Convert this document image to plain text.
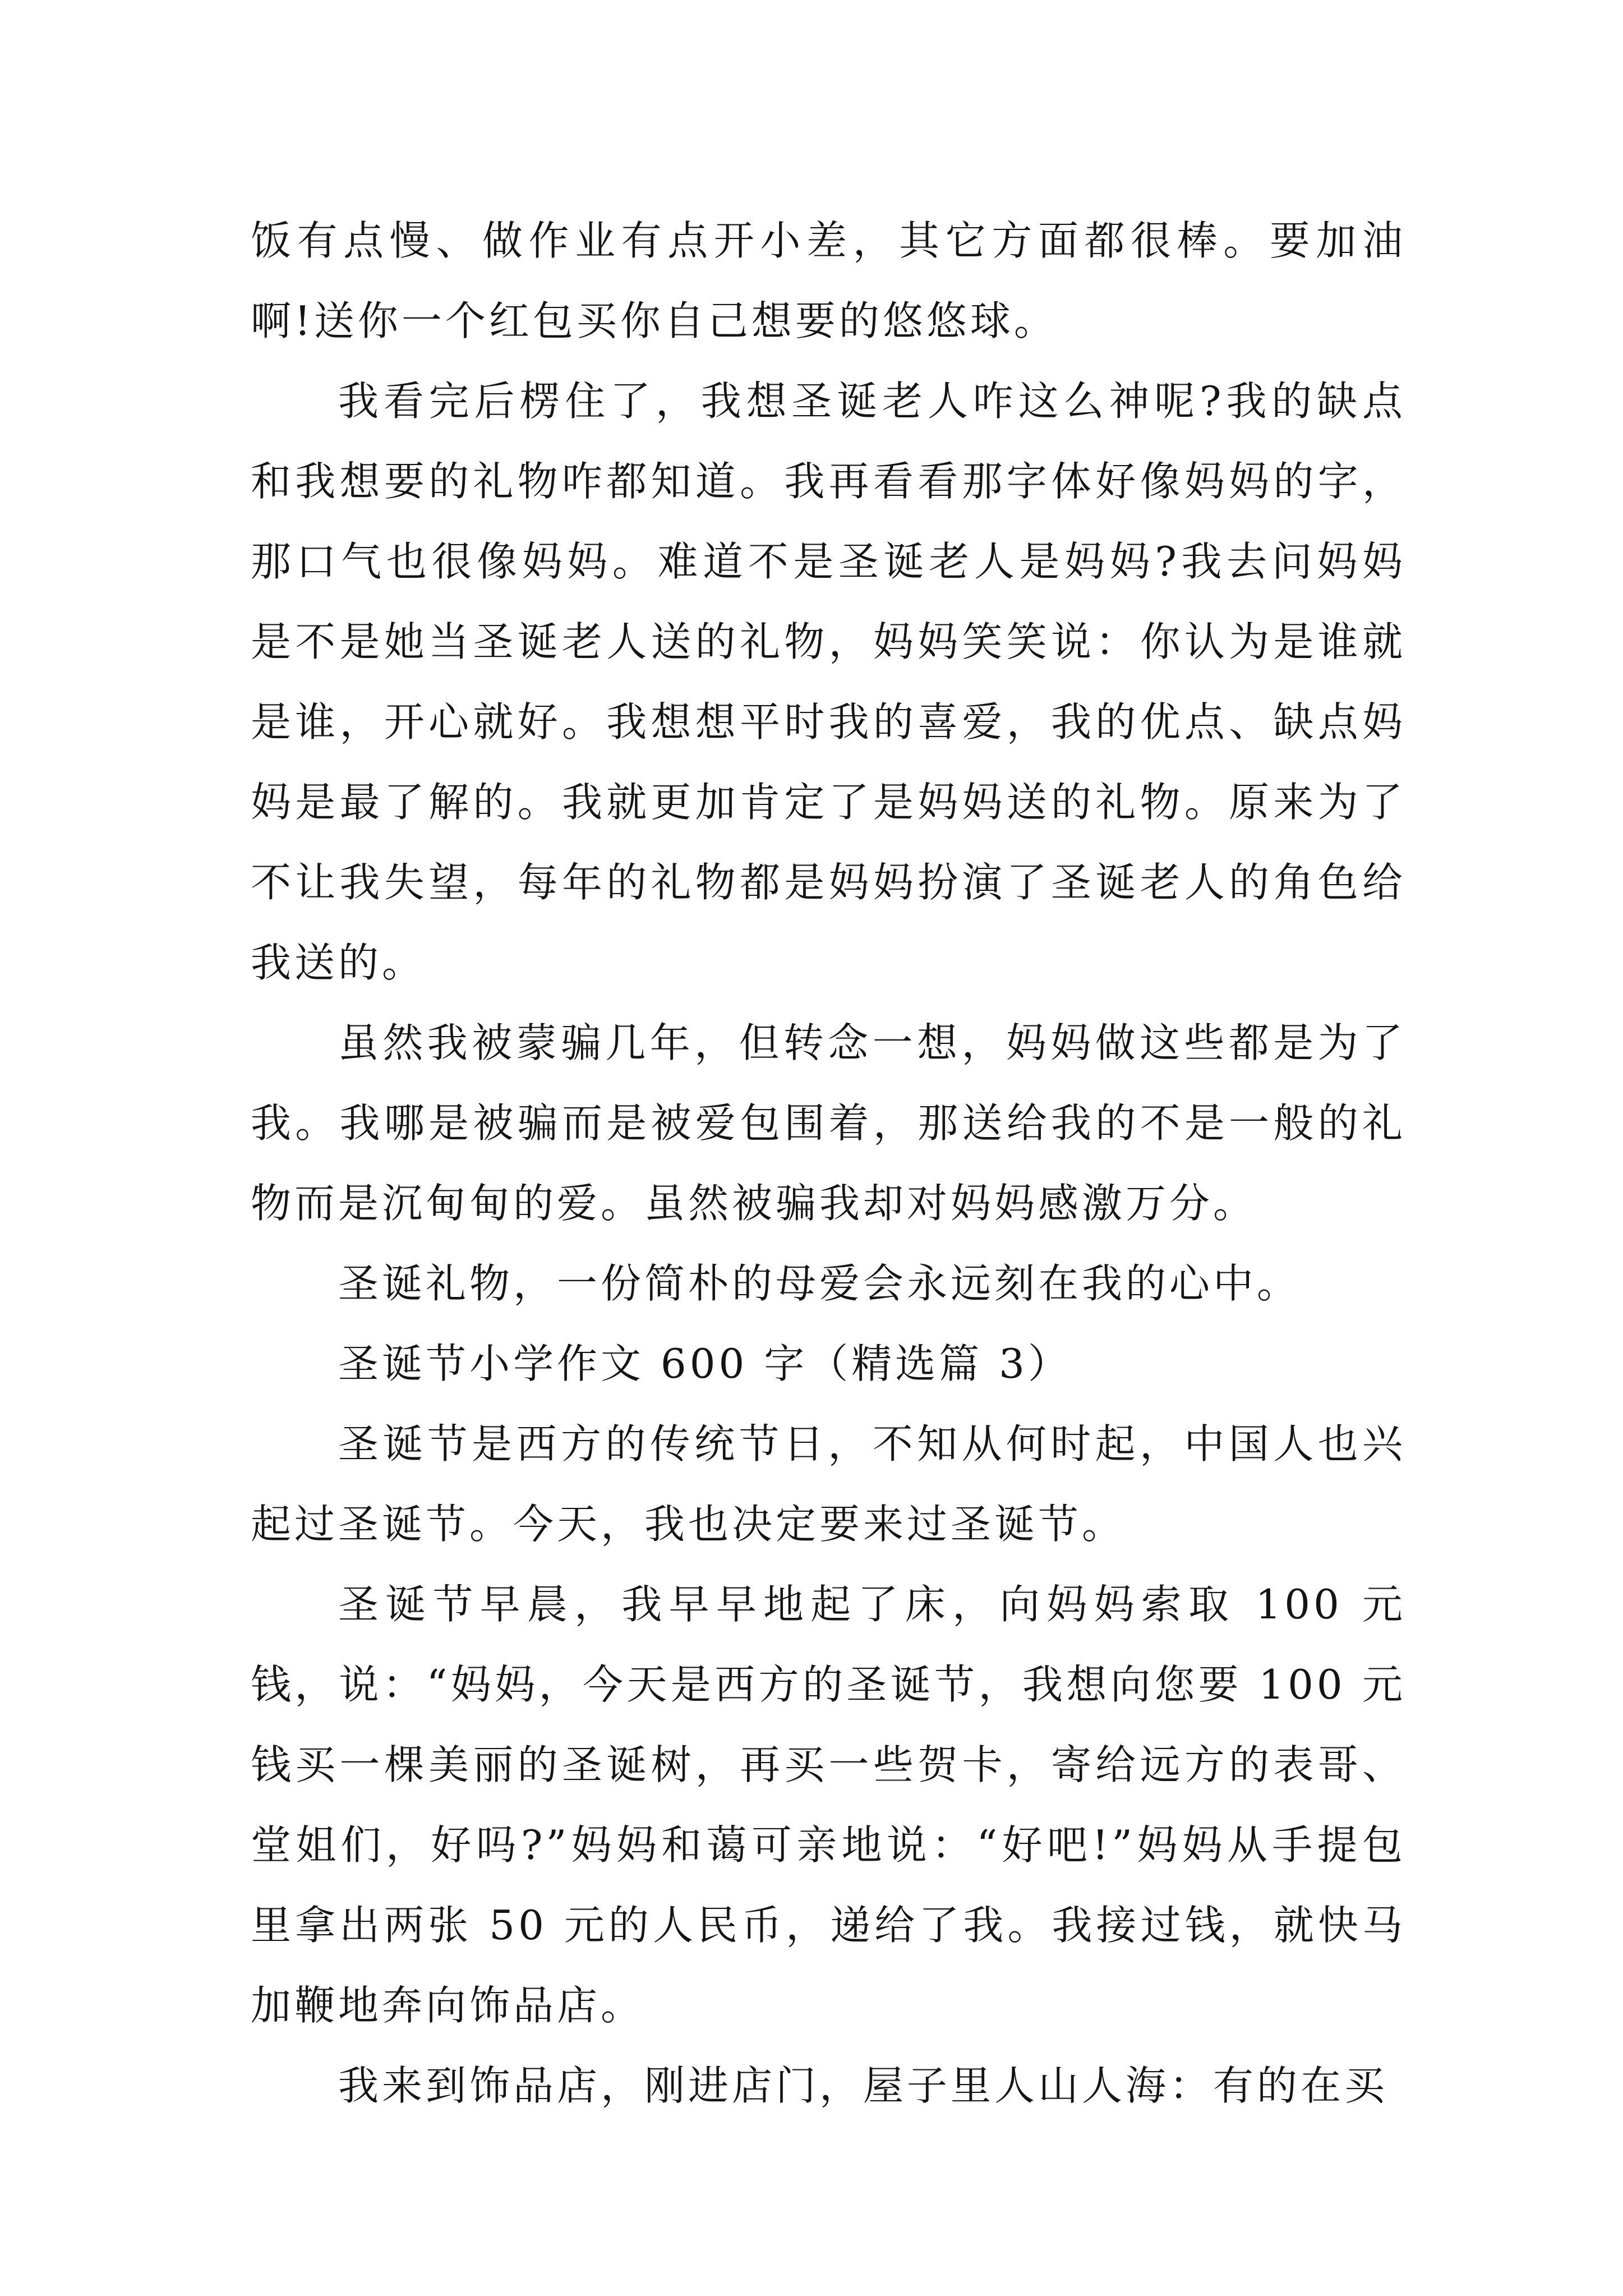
饭有点慢、做作业有点开小差，其它方面都很棒。要加油啊!送你一个红包买你自己想要的悠悠球。

我看完后楞住了，我想圣诞老人咋这么神呢?我的缺点和我想要的礼物咋都知道。我再看看那字体好像妈妈的字，那口气也很像妈妈。难道不是圣诞老人是妈妈?我去问妈妈是不是她当圣诞老人送的礼物，妈妈笑笑说：你认为是谁就是谁，开心就好。我想想平时我的喜爱，我的优点、缺点妈妈是最了解的。我就更加肯定了是妈妈送的礼物。原来为了不让我失望，每年的礼物都是妈妈扮演了圣诞老人的角色给我送的。

虽然我被蒙骗几年，但转念一想，妈妈做这些都是为了我。我哪是被骗而是被爱包围着，那送给我的不是一般的礼物而是沉甸甸的爱。虽然被骗我却对妈妈感激万分。

圣诞礼物，一份简朴的母爱会永远刻在我的心中。

圣诞节小学作文 600 字（精选篇 3）

圣诞节是西方的传统节日，不知从何时起，中国人也兴起过圣诞节。今天，我也决定要来过圣诞节。

圣诞节早晨，我早早地起了床，向妈妈索取 100 元钱，说：“妈妈，今天是西方的圣诞节，我想向您要 100 元钱买一棵美丽的圣诞树，再买一些贺卡，寄给远方的表哥、堂姐们，好吗?”妈妈和蔼可亲地说：“好吧!”妈妈从手提包里拿出两张 50 元的人民币，递给了我。我接过钱，就快马加鞭地奔向饰品店。

我来到饰品店，刚进店门，屋子里人山人海：有的在买
